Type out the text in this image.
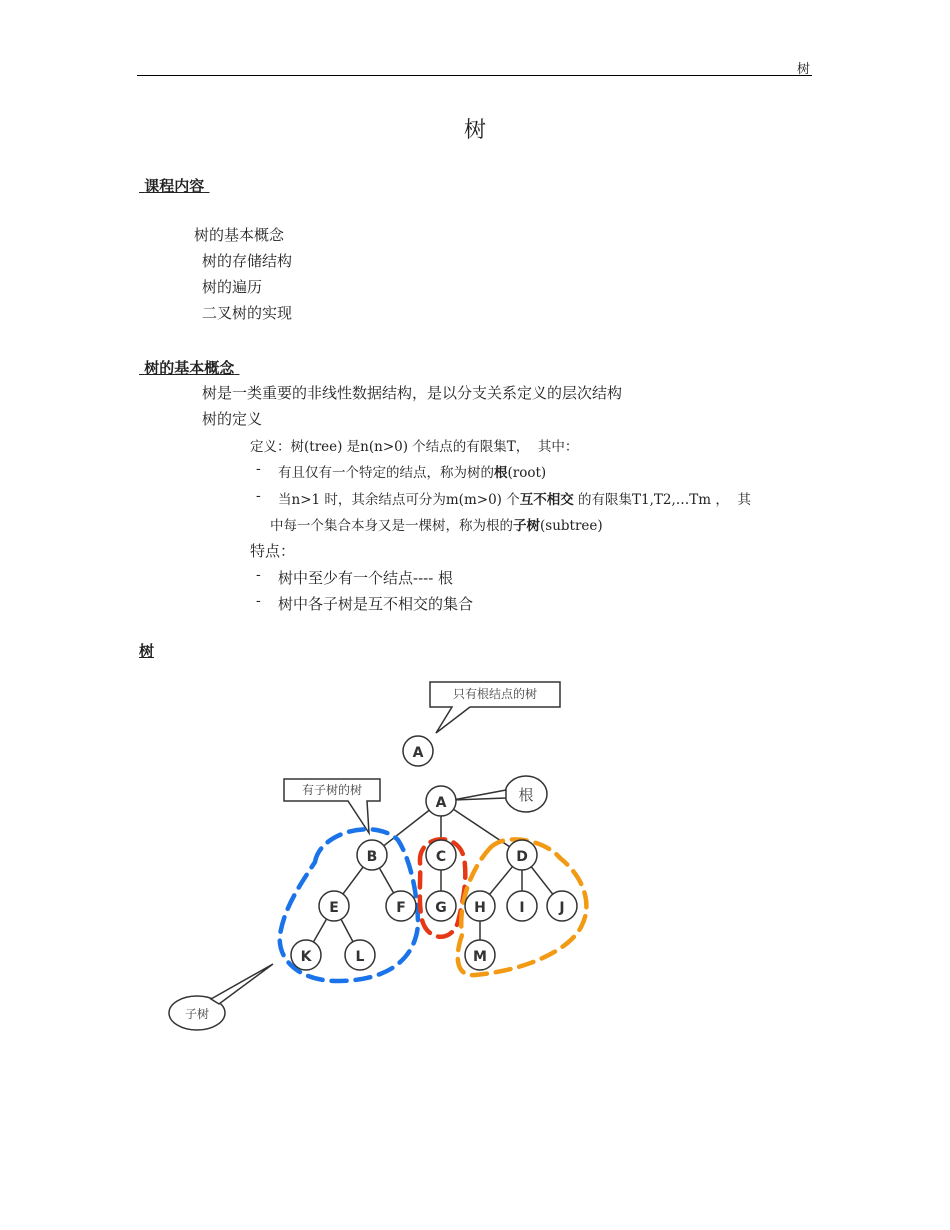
树
树
课程内容
树的基本概念
树的存储结构
树的遍历
二叉树的实现
树的基本概念
树是一类重要的非线性数据结构，是以分支关系定义的层次结构
树的定义
定义：树(tree) 是n(n>0) 个结点的有限集T，  其中：
- 有且仅有一个特定的结点，称为树的根(root)
- 当n>1 时，其余结点可分为m(m>0) 个互不相交 的有限集T1,T2,…Tm ，  其
中每一个集合本身又是一棵树，称为根的子树(subtree)
特点：
- 树中至少有一个结点---- 根
- 树中各子树是互不相交的集合
树
只有根结点的树
有子树的树	根
子树
A
A
B	C	D
E	F G H I J
K	L	M
